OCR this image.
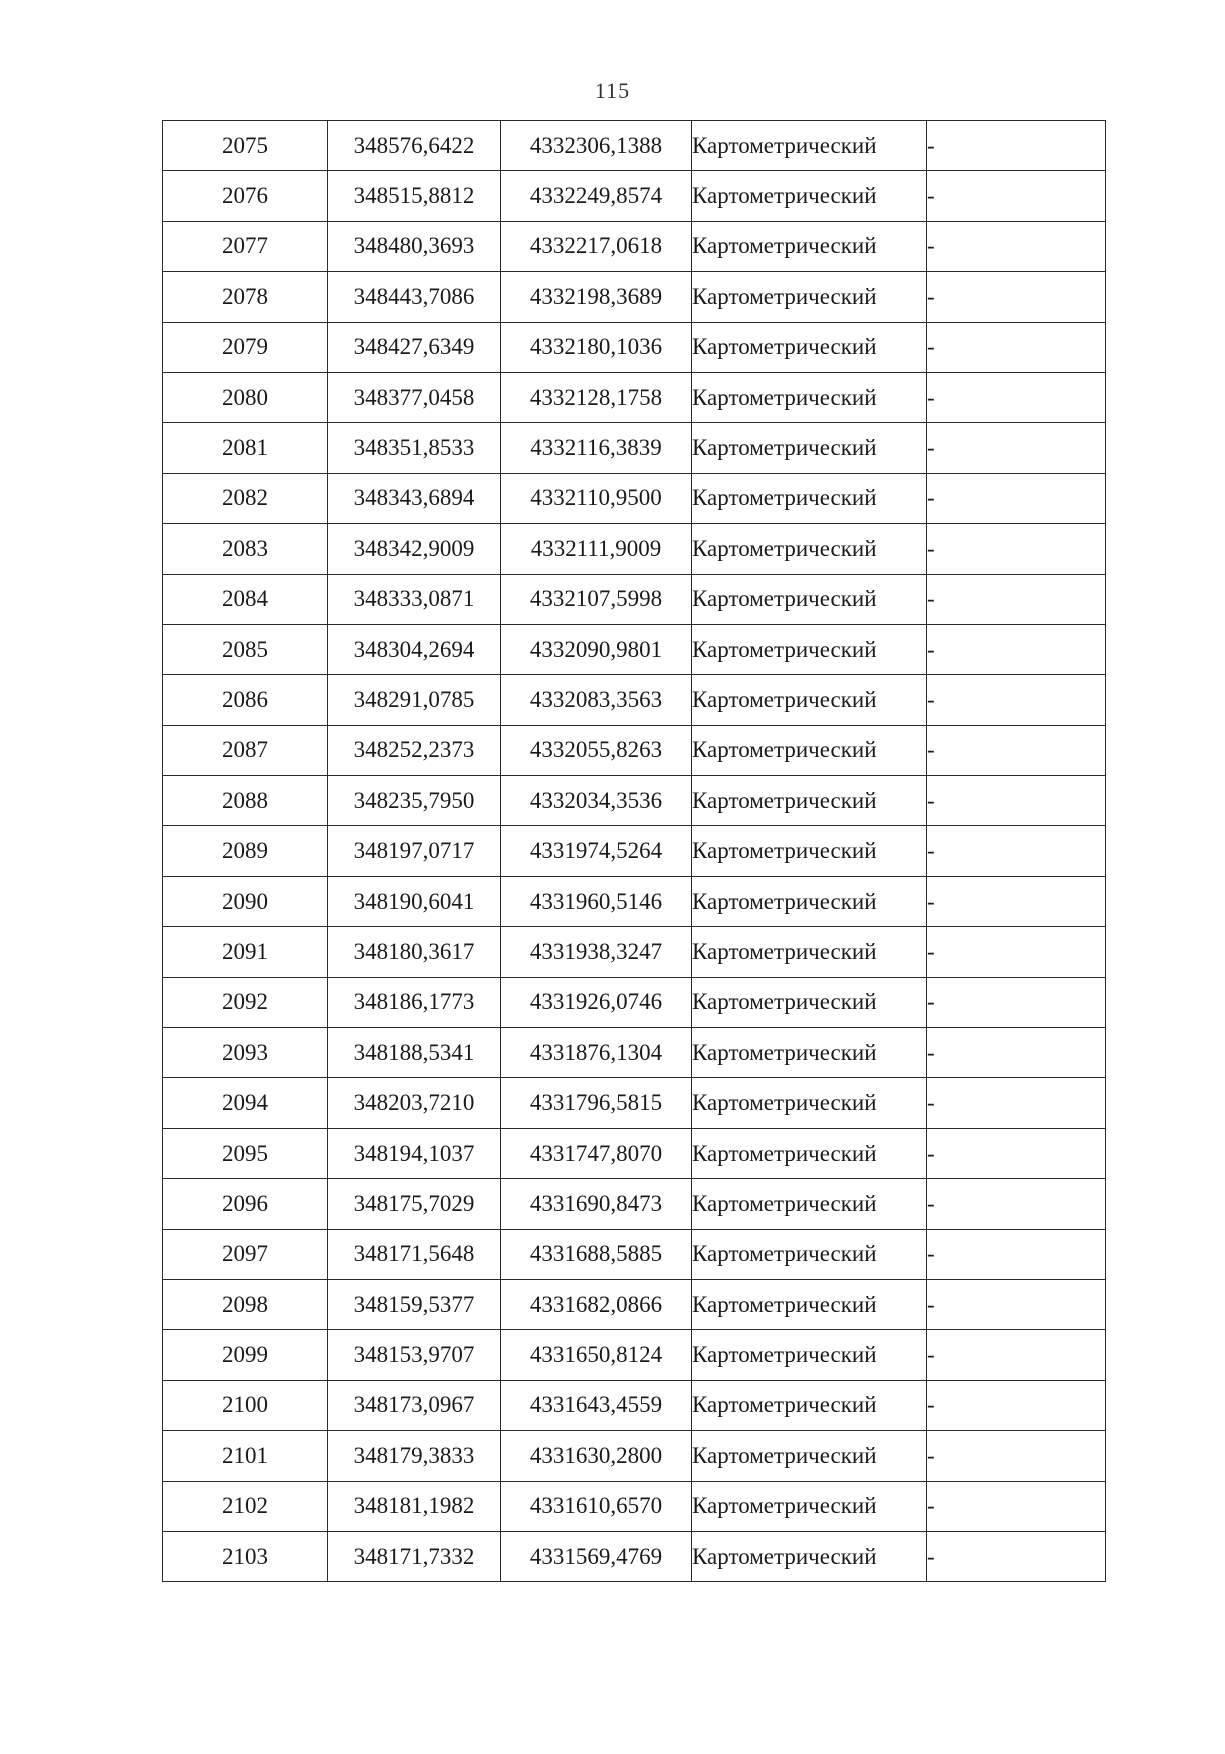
115
2075	348576,6422	4332306,1388	Картометрический	-
2076	348515,8812	4332249,8574	Картометрический	-
2077	348480,3693	4332217,0618	Картометрический	-
2078	348443,7086	4332198,3689	Картометрический	-
2079	348427,6349	4332180,1036	Картометрический	-
2080	348377,0458	4332128,1758	Картометрический	-
2081	348351,8533	4332116,3839	Картометрический	-
2082	348343,6894	4332110,9500	Картометрический	-
2083	348342,9009	4332111,9009	Картометрический	-
2084	348333,0871	4332107,5998	Картометрический	-
2085	348304,2694	4332090,9801	Картометрический	-
2086	348291,0785	4332083,3563	Картометрический	-
2087	348252,2373	4332055,8263	Картометрический	-
2088	348235,7950	4332034,3536	Картометрический	-
2089	348197,0717	4331974,5264	Картометрический	-
2090	348190,6041	4331960,5146	Картометрический	-
2091	348180,3617	4331938,3247	Картометрический	-
2092	348186,1773	4331926,0746	Картометрический	-
2093	348188,5341	4331876,1304	Картометрический	-
2094	348203,7210	4331796,5815	Картометрический	-
2095	348194,1037	4331747,8070	Картометрический	-
2096	348175,7029	4331690,8473	Картометрический	-
2097	348171,5648	4331688,5885	Картометрический	-
2098	348159,5377	4331682,0866	Картометрический	-
2099	348153,9707	4331650,8124	Картометрический	-
2100	348173,0967	4331643,4559	Картометрический	-
2101	348179,3833	4331630,2800	Картометрический	-
2102	348181,1982	4331610,6570	Картометрический	-
2103	348171,7332	4331569,4769	Картометрический	-
